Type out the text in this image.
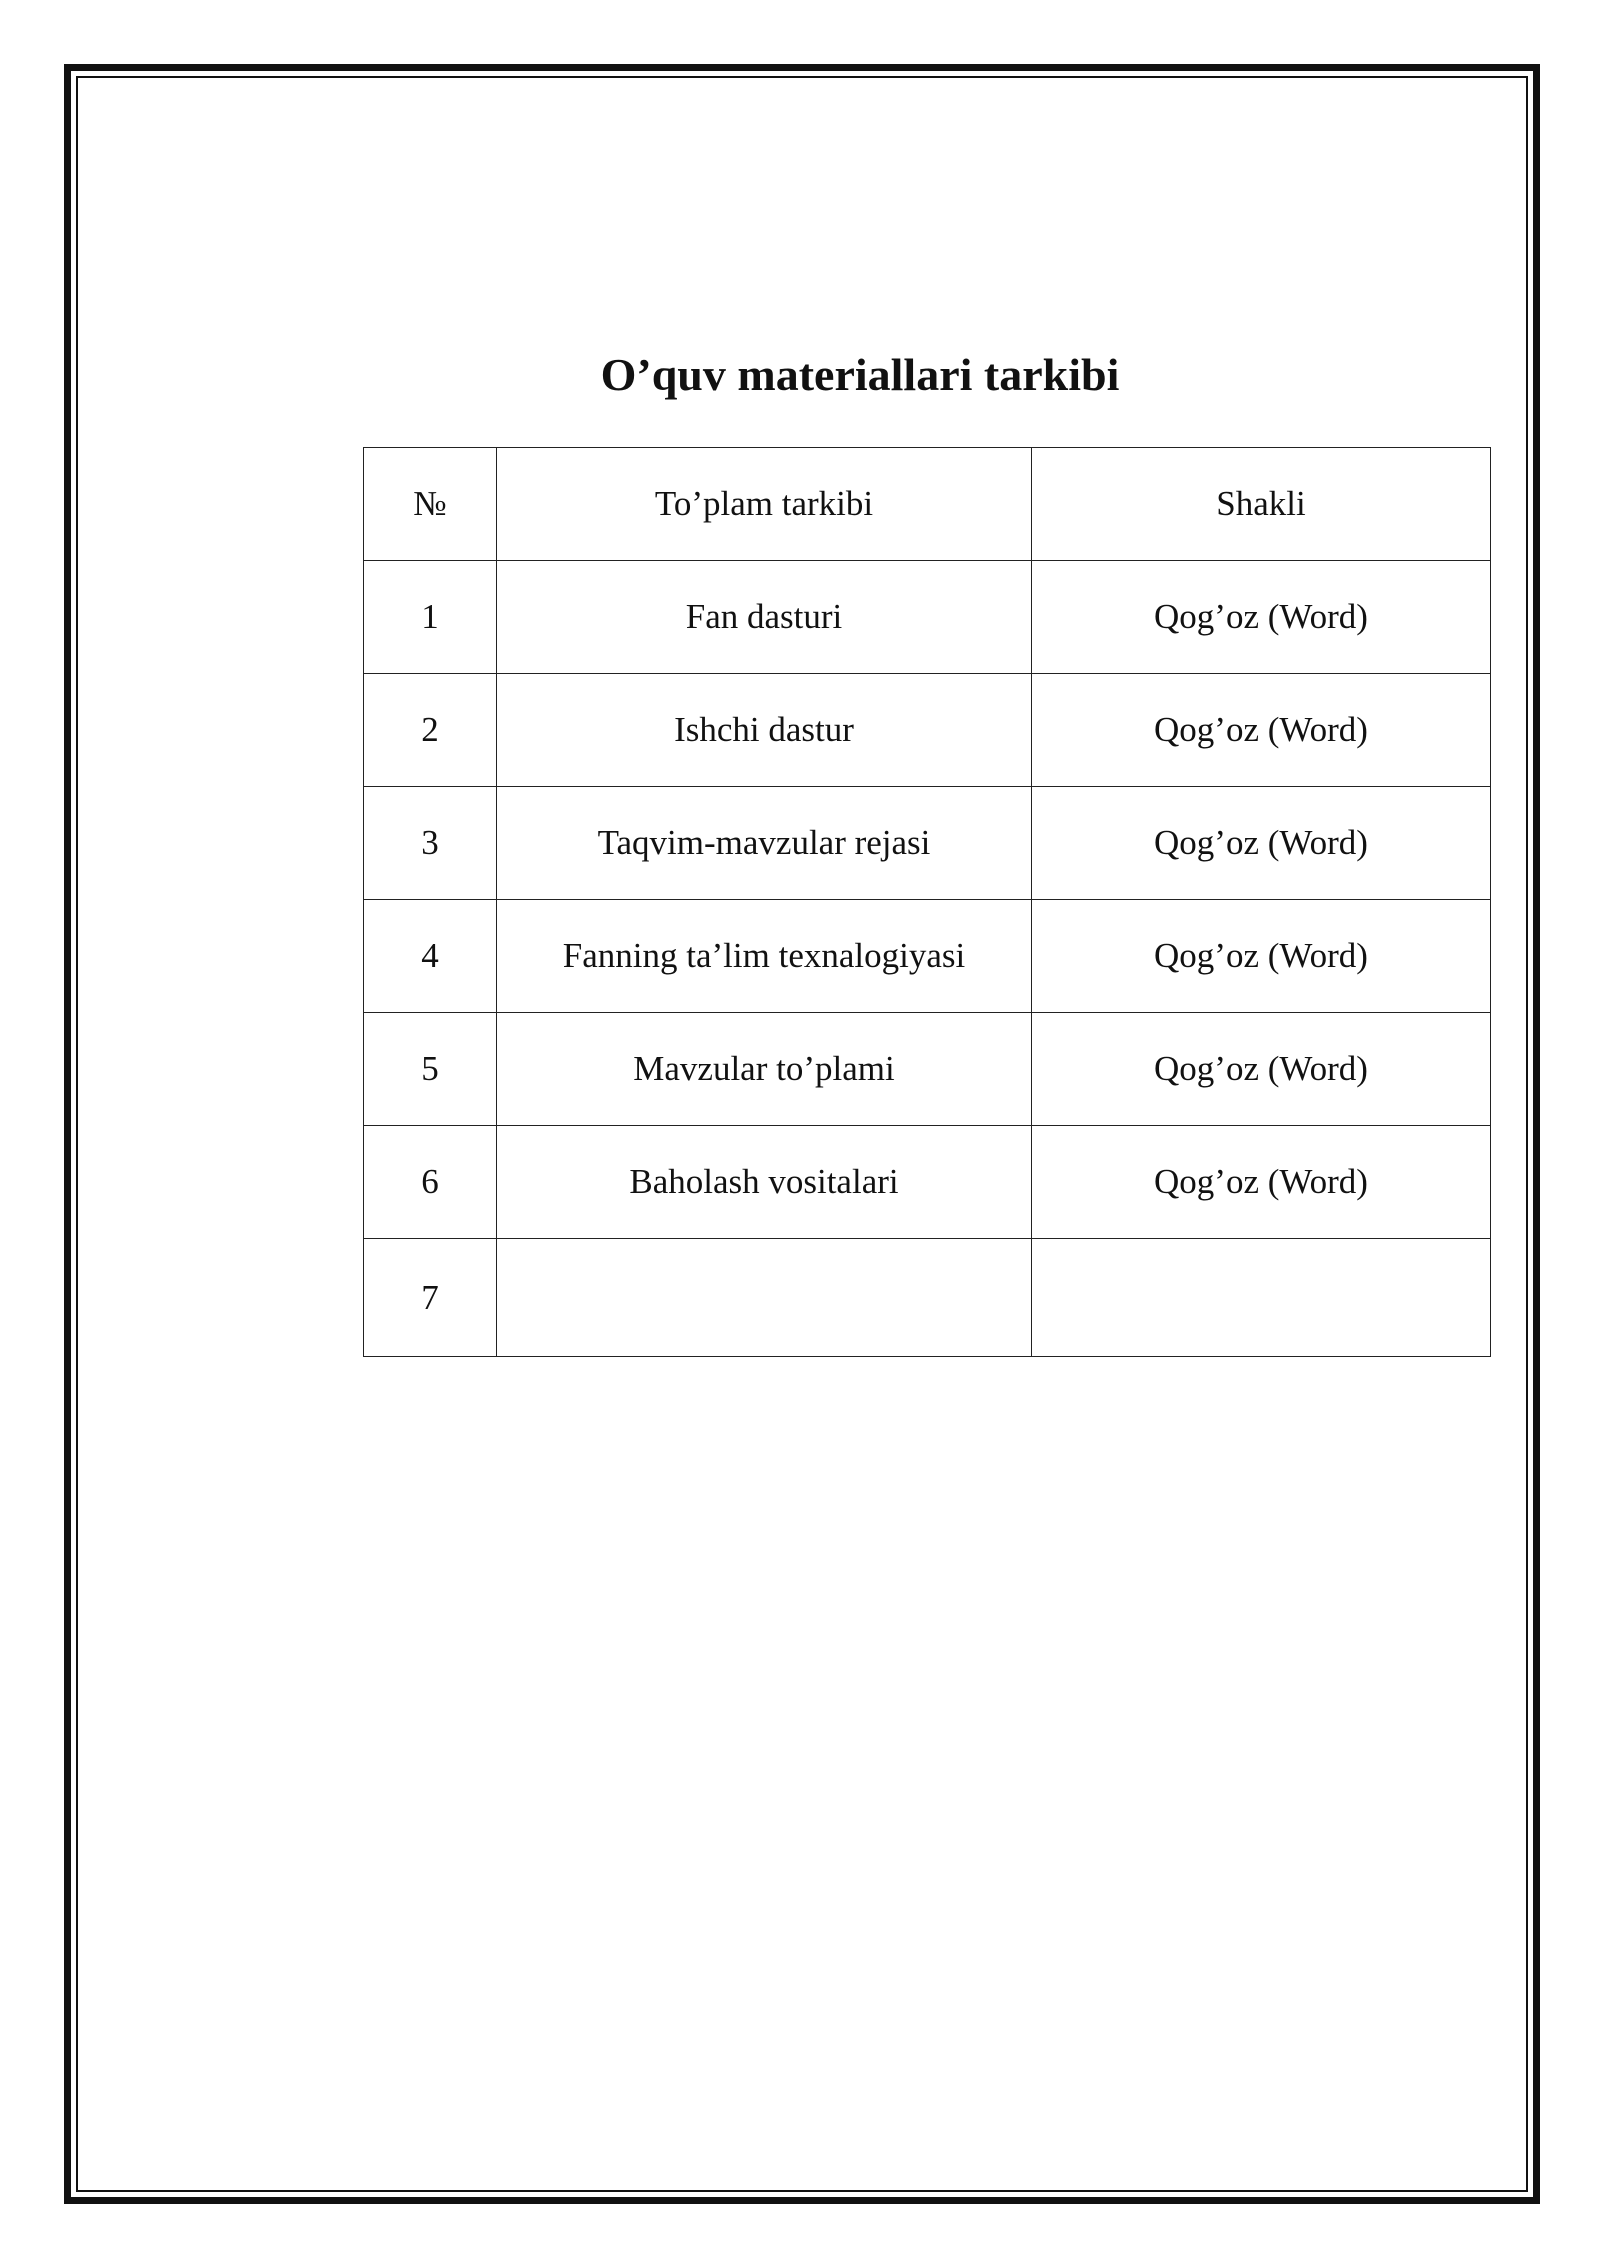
O’quv materiallari tarkibi
№	To’plam tarkibi	Shakli
1	Fan dasturi	Qog’oz (Word)
2	Ishchi dastur	Qog’oz (Word)
3	Taqvim-mavzular rejasi	Qog’oz (Word)
4	Fanning ta’lim texnalogiyasi	Qog’oz (Word)
5	Mavzular to’plami	Qog’oz (Word)
6	Baholash vositalari	Qog’oz (Word)
7		
